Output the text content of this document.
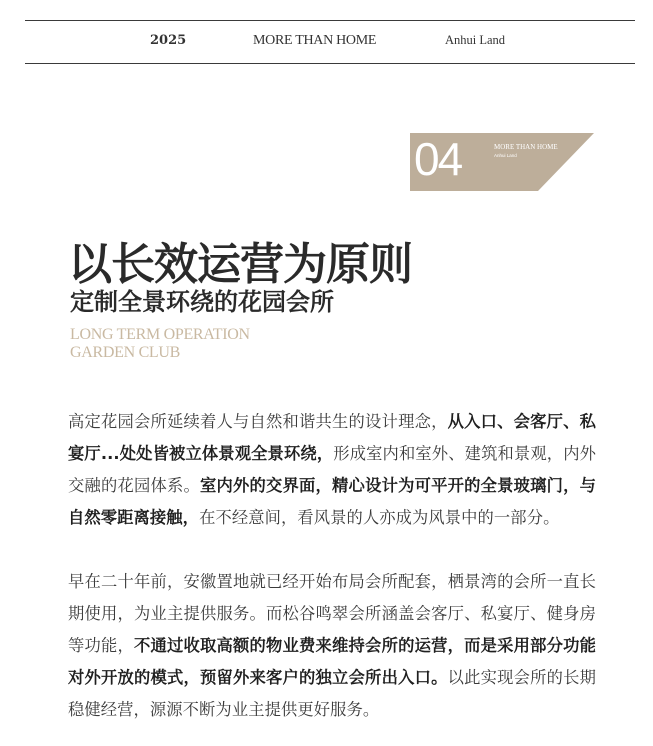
2025	MORE THAN HOME	Anhui Land
04	MORE THAN HOME
Anhui Land
以长效运营为原则
定制全景环绕的花园会所
LONG TERM OPERATION
GARDEN CLUB
高定花园会所延续着人与自然和谐共生的设计理念，从入口、会客厅、私宴厅...处处皆被立体景观全景环绕，形成室内和室外、建筑和景观，内外交融的花园体系。室内外的交界面，精心设计为可平开的全景玻璃门，与自然零距离接触，在不经意间，看风景的人亦成为风景中的一部分。
早在二十年前，安徽置地就已经开始布局会所配套，栖景湾的会所一直长期使用，为业主提供服务。而松谷鸣翠会所涵盖会客厅、私宴厅、健身房等功能，不通过收取高额的物业费来维持会所的运营，而是采用部分功能对外开放的模式，预留外来客户的独立会所出入口。以此实现会所的长期稳健经营，源源不断为业主提供更好服务。
